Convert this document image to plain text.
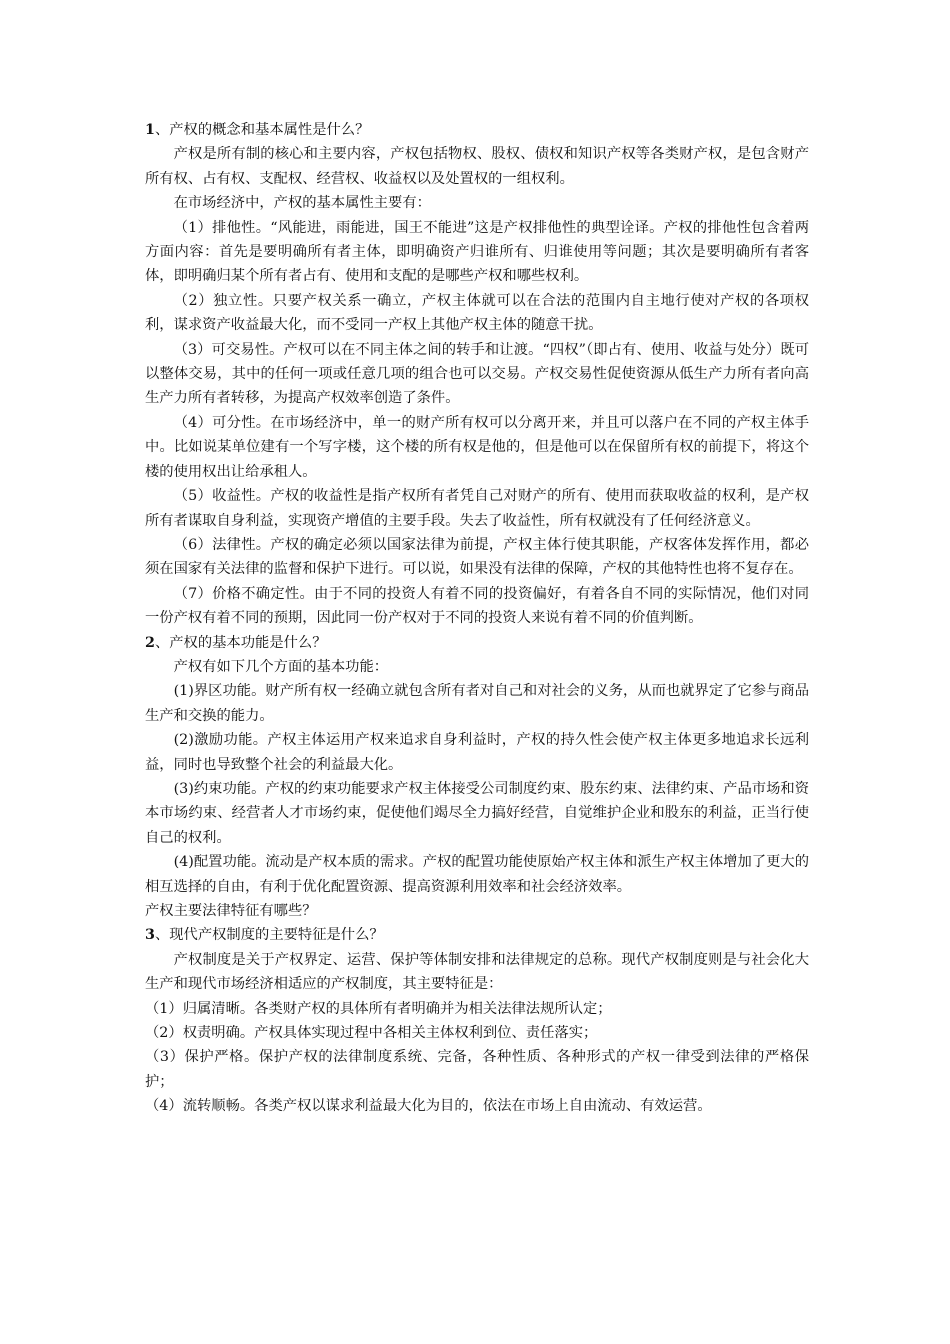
1、产权的概念和基本属性是什么？

产权是所有制的核心和主要内容，产权包括物权、股权、债权和知识产权等各类财产权，是包含财产所有权、占有权、支配权、经营权、收益权以及处置权的一组权利。

在市场经济中，产权的基本属性主要有：

（1）排他性。“风能进，雨能进，国王不能进”这是产权排他性的典型诠译。产权的排他性包含着两方面内容：首先是要明确所有者主体，即明确资产归谁所有、归谁使用等问题；其次是要明确所有者客体，即明确归某个所有者占有、使用和支配的是哪些产权和哪些权利。

（2）独立性。只要产权关系一确立，产权主体就可以在合法的范围内自主地行使对产权的各项权利，谋求资产收益最大化，而不受同一产权上其他产权主体的随意干扰。

（3）可交易性。产权可以在不同主体之间的转手和让渡。“四权”（即占有、使用、收益与处分）既可以整体交易，其中的任何一项或任意几项的组合也可以交易。产权交易性促使资源从低生产力所有者向高生产力所有者转移，为提高产权效率创造了条件。

（4）可分性。在市场经济中，单一的财产所有权可以分离开来，并且可以落户在不同的产权主体手中。比如说某单位建有一个写字楼，这个楼的所有权是他的，但是他可以在保留所有权的前提下，将这个楼的使用权出让给承租人。

（5）收益性。产权的收益性是指产权所有者凭自己对财产的所有、使用而获取收益的权利，是产权所有者谋取自身利益，实现资产增值的主要手段。失去了收益性，所有权就没有了任何经济意义。

（6）法律性。产权的确定必须以国家法律为前提，产权主体行使其职能，产权客体发挥作用，都必须在国家有关法律的监督和保护下进行。可以说，如果没有法律的保障，产权的其他特性也将不复存在。

（7）价格不确定性。由于不同的投资人有着不同的投资偏好，有着各自不同的实际情况，他们对同一份产权有着不同的预期，因此同一份产权对于不同的投资人来说有着不同的价值判断。

2、产权的基本功能是什么？

产权有如下几个方面的基本功能：

(1)界区功能。财产所有权一经确立就包含所有者对自己和对社会的义务，从而也就界定了它参与商品生产和交换的能力。

(2)激励功能。产权主体运用产权来追求自身利益时，产权的持久性会使产权主体更多地追求长远利益，同时也导致整个社会的利益最大化。

(3)约束功能。产权的约束功能要求产权主体接受公司制度约束、股东约束、法律约束、产品市场和资本市场约束、经营者人才市场约束，促使他们竭尽全力搞好经营，自觉维护企业和股东的利益，正当行使自己的权利。

(4)配置功能。流动是产权本质的需求。产权的配置功能使原始产权主体和派生产权主体增加了更大的相互选择的自由，有利于优化配置资源、提高资源利用效率和社会经济效率。

产权主要法律特征有哪些？

3、现代产权制度的主要特征是什么？

产权制度是关于产权界定、运营、保护等体制安排和法律规定的总称。现代产权制度则是与社会化大生产和现代市场经济相适应的产权制度，其主要特征是：

（1）归属清晰。各类财产权的具体所有者明确并为相关法律法规所认定；

（2）权责明确。产权具体实现过程中各相关主体权利到位、责任落实；

（3）保护严格。保护产权的法律制度系统、完备，各种性质、各种形式的产权一律受到法律的严格保护；

（4）流转顺畅。各类产权以谋求利益最大化为目的，依法在市场上自由流动、有效运营。
